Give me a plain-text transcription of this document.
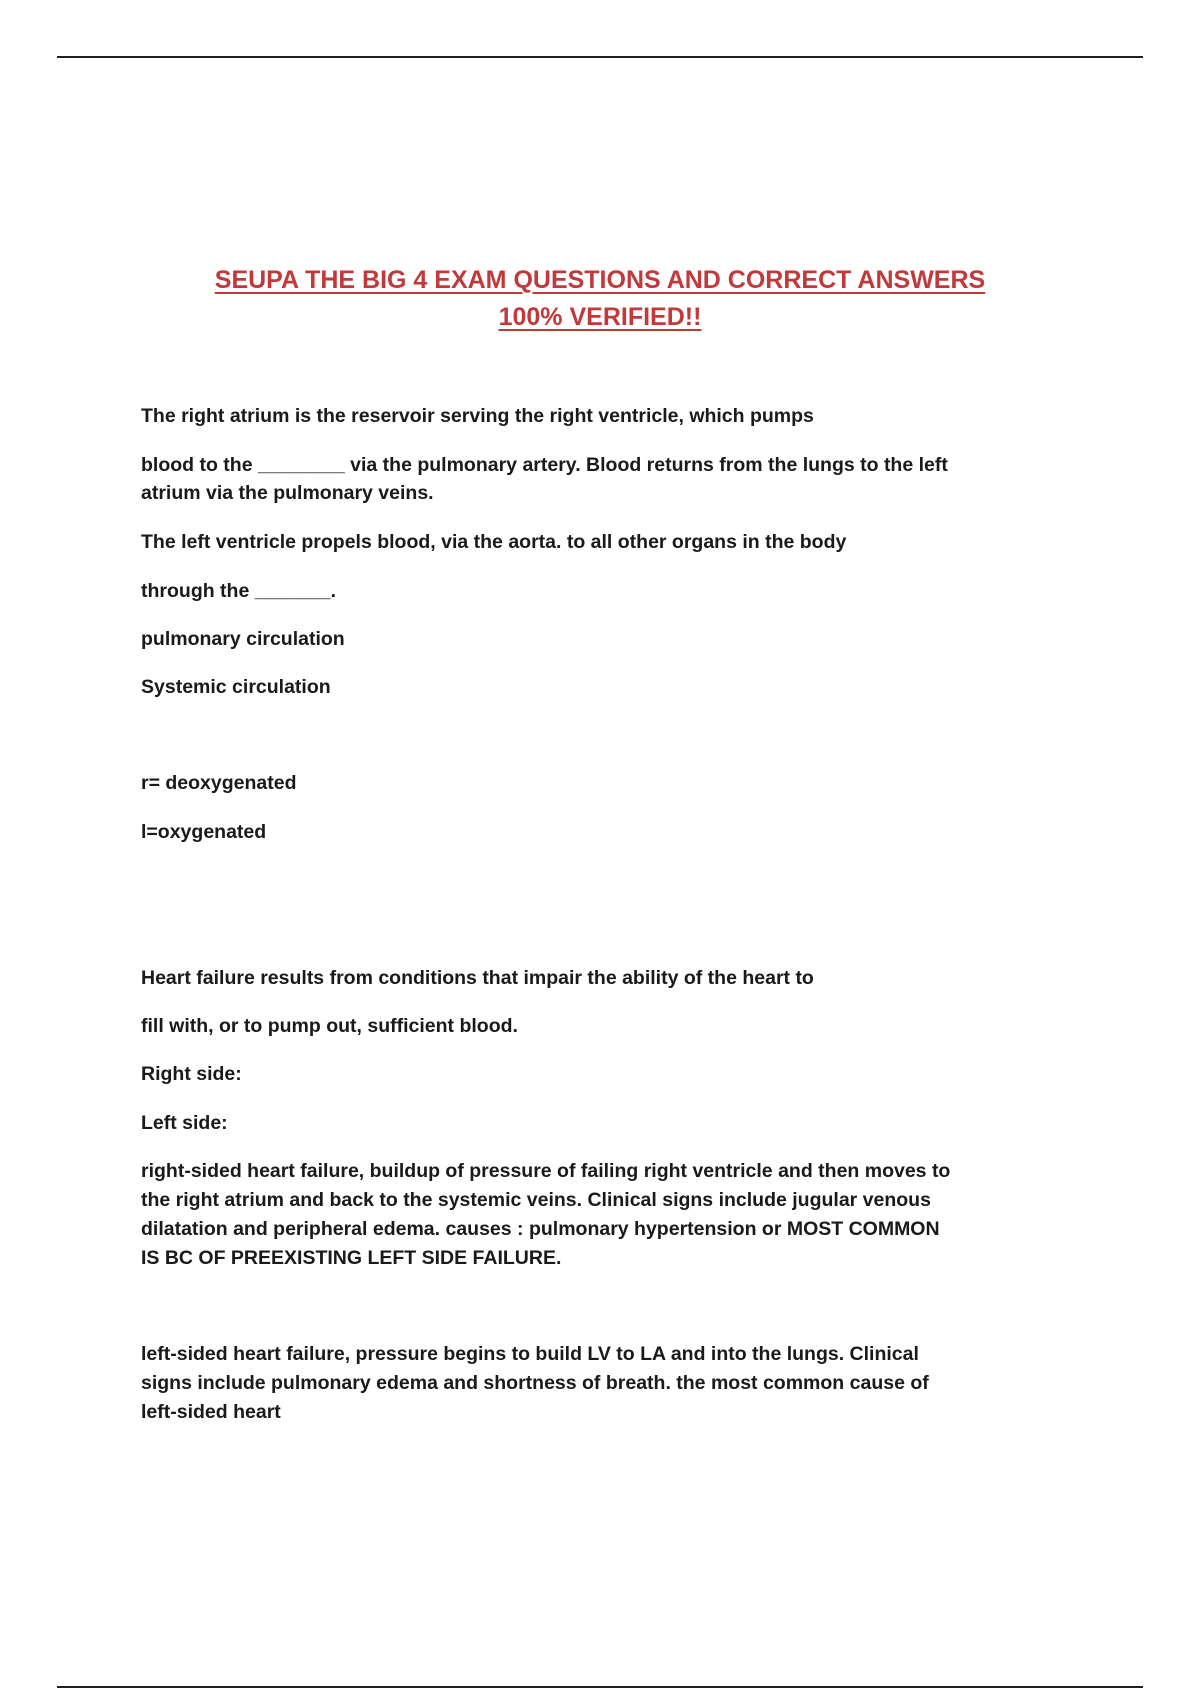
SEUPA THE BIG 4 EXAM QUESTIONS AND CORRECT ANSWERS
100% VERIFIED!!

The right atrium is the reservoir serving the right ventricle, which pumps

blood to the ________ via the pulmonary artery. Blood returns from the lungs to the left

atrium via the pulmonary veins.

The left ventricle propels blood, via the aorta. to all other organs in the body

through the _______.

pulmonary circulation

Systemic circulation

r= deoxygenated

l=oxygenated

Heart failure results from conditions that impair the ability of the heart to

fill with, or to pump out, sufficient blood.

Right side:

Left side:

right-sided heart failure, buildup of pressure of failing right ventricle and then moves to

the right atrium and back to the systemic veins. Clinical signs include jugular venous

dilatation and peripheral edema. causes : pulmonary hypertension or MOST COMMON

IS BC OF PREEXISTING LEFT SIDE FAILURE.

left-sided heart failure, pressure begins to build LV to LA and into the lungs. Clinical

signs include pulmonary edema and shortness of breath. the most common cause of

left-sided heart
